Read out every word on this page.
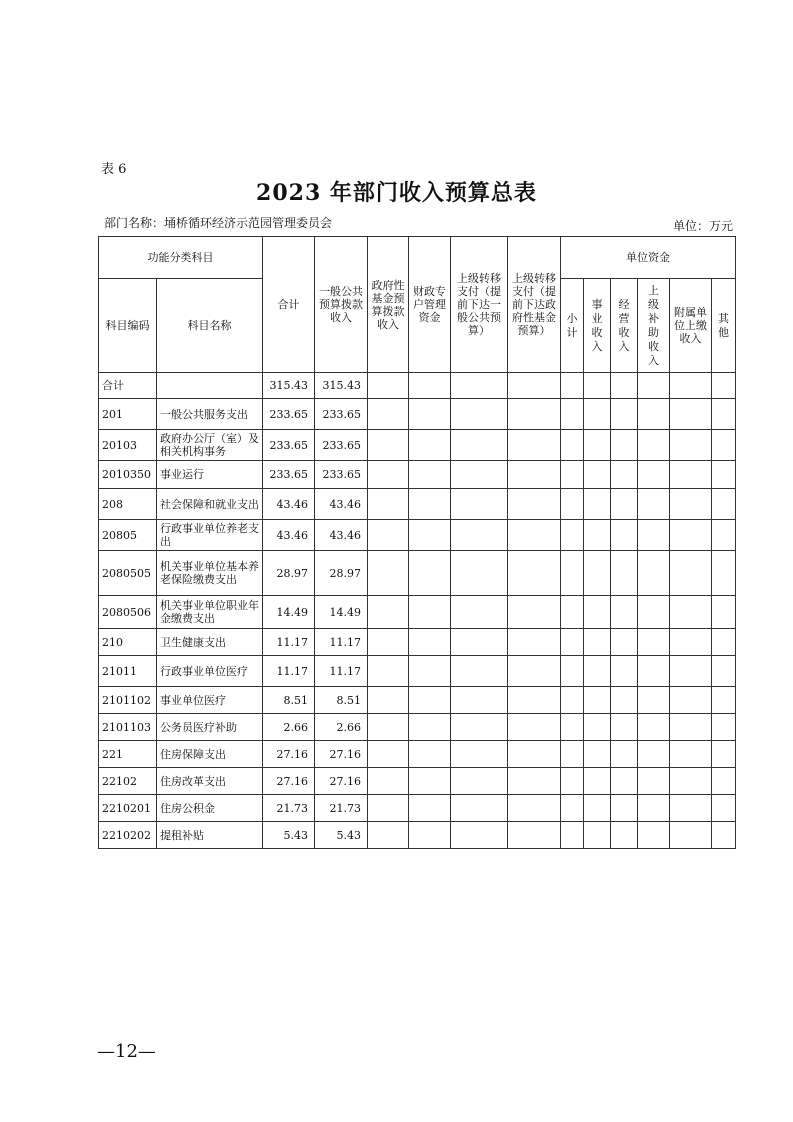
表 6
2023 年部门收入预算总表
部门名称：埇桥循环经济示范园管理委员会	单位：万元
功能分类科目		合计	一般公共预算拨款收入	政府性基金预算拨款收入	财政专户管理资金	上级转移支付（提前下达一般公共预算）	上级转移支付（提前下达政府性基金预算）	单位资金					
科目编码	科目名称							小计	事业收入	经营收入	上级补助收入	附属单位上缴收入	其他

合计		315.43	315.43										
201	一般公共服务支出	233.65	233.65										
20103	政府办公厅（室）及相关机构事务	233.65	233.65										
2010350	事业运行	233.65	233.65										
208	社会保障和就业支出	43.46	43.46										
20805	行政事业单位养老支出	43.46	43.46										
2080505	机关事业单位基本养老保险缴费支出	28.97	28.97										
2080506	机关事业单位职业年金缴费支出	14.49	14.49										
210	卫生健康支出	11.17	11.17										
21011	行政事业单位医疗	11.17	11.17										
2101102	事业单位医疗	8.51	8.51										
2101103	公务员医疗补助	2.66	2.66										
221	住房保障支出	27.16	27.16										
22102	住房改革支出	27.16	27.16										
2210201	住房公积金	21.73	21.73										
2210202	提租补贴	5.43	5.43										
—12—
